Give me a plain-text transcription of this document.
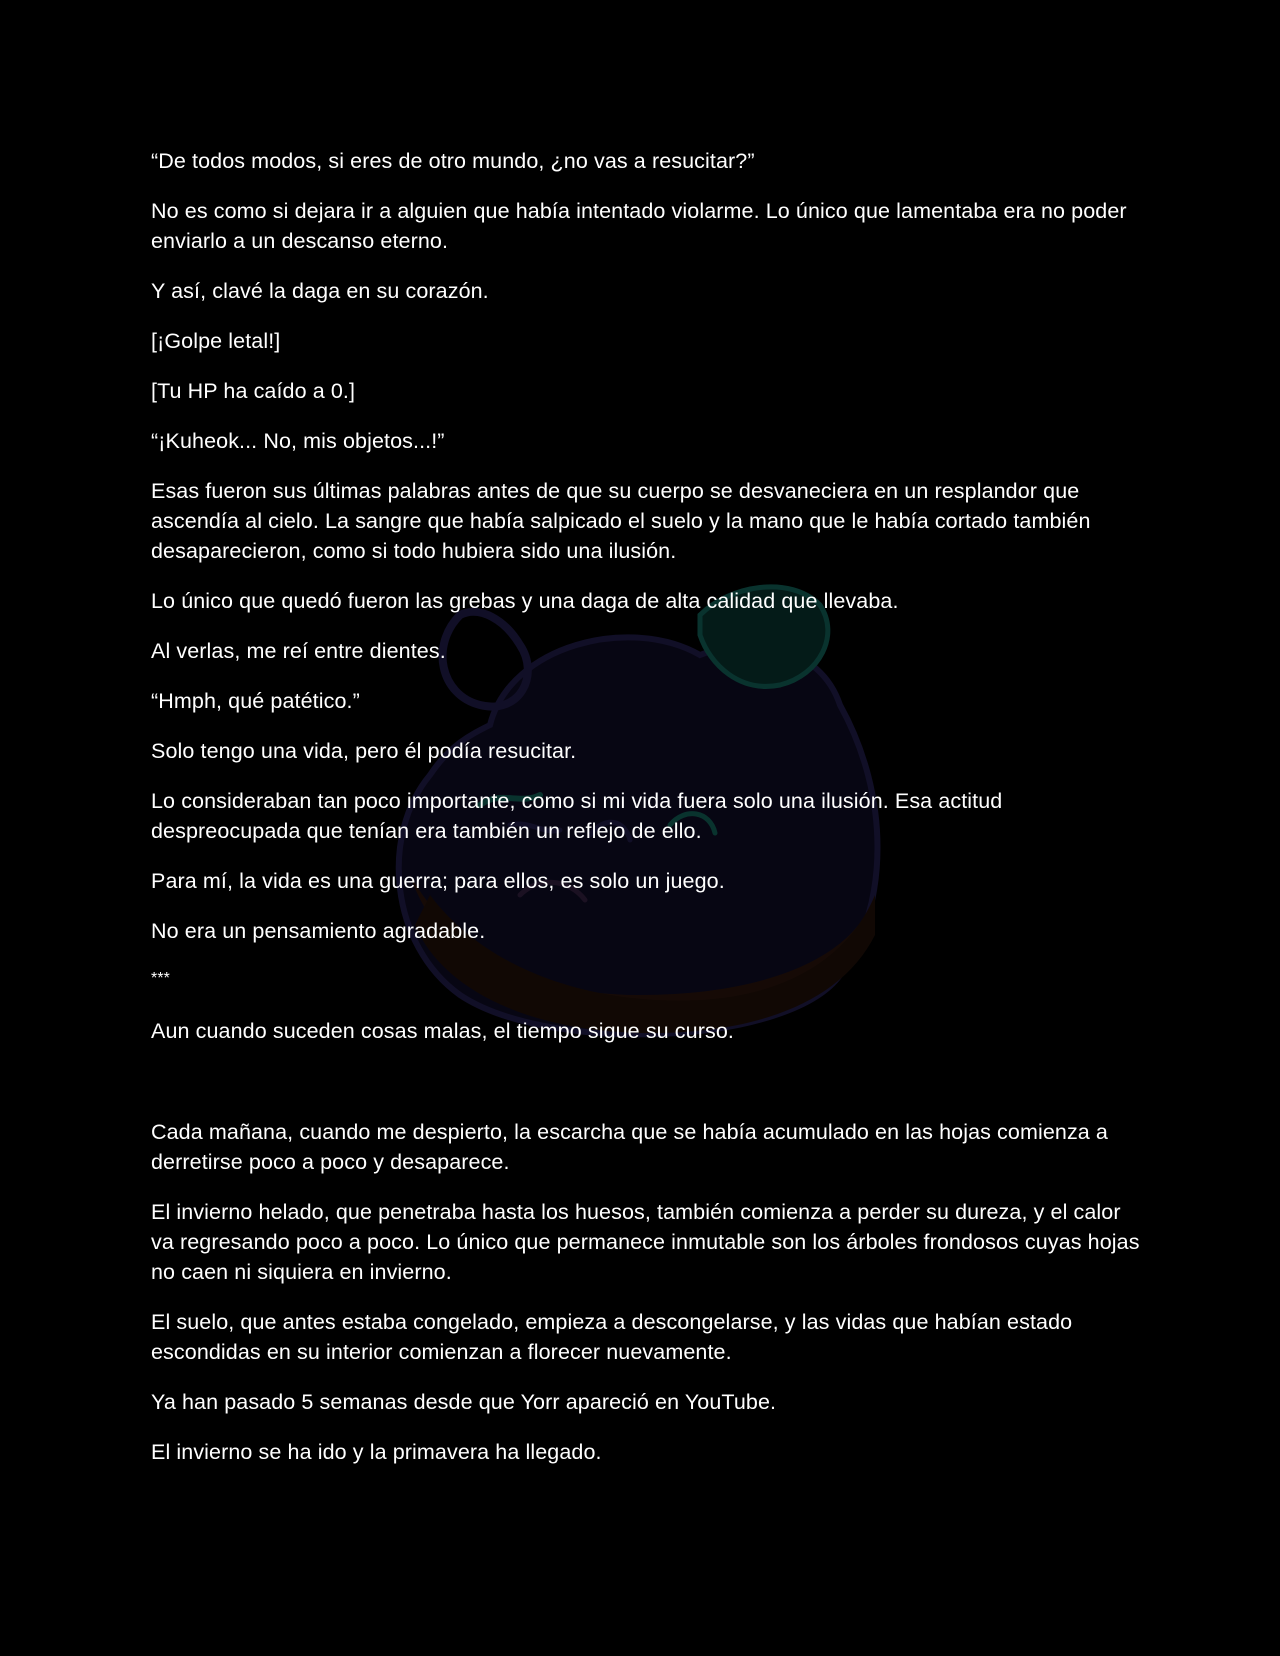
“De todos modos, si eres de otro mundo, ¿no vas a resucitar?”

No es como si dejara ir a alguien que había intentado violarme. Lo único que lamentaba era no poder enviarlo a un descanso eterno.

Y así, clavé la daga en su corazón.

[¡Golpe letal!]

[Tu HP ha caído a 0.]

“¡Kuheok... No, mis objetos...!”

Esas fueron sus últimas palabras antes de que su cuerpo se desvaneciera en un resplandor que ascendía al cielo. La sangre que había salpicado el suelo y la mano que le había cortado también desaparecieron, como si todo hubiera sido una ilusión.

Lo único que quedó fueron las grebas y una daga de alta calidad que llevaba.

Al verlas, me reí entre dientes.

“Hmph, qué patético.”

Solo tengo una vida, pero él podía resucitar.

Lo consideraban tan poco importante, como si mi vida fuera solo una ilusión. Esa actitud despreocupada que tenían era también un reflejo de ello.

Para mí, la vida es una guerra; para ellos, es solo un juego.

No era un pensamiento agradable.

***

Aun cuando suceden cosas malas, el tiempo sigue su curso.

Cada mañana, cuando me despierto, la escarcha que se había acumulado en las hojas comienza a derretirse poco a poco y desaparece.

El invierno helado, que penetraba hasta los huesos, también comienza a perder su dureza, y el calor va regresando poco a poco. Lo único que permanece inmutable son los árboles frondosos cuyas hojas no caen ni siquiera en invierno.

El suelo, que antes estaba congelado, empieza a descongelarse, y las vidas que habían estado escondidas en su interior comienzan a florecer nuevamente.

Ya han pasado 5 semanas desde que Yorr apareció en YouTube.

El invierno se ha ido y la primavera ha llegado.
